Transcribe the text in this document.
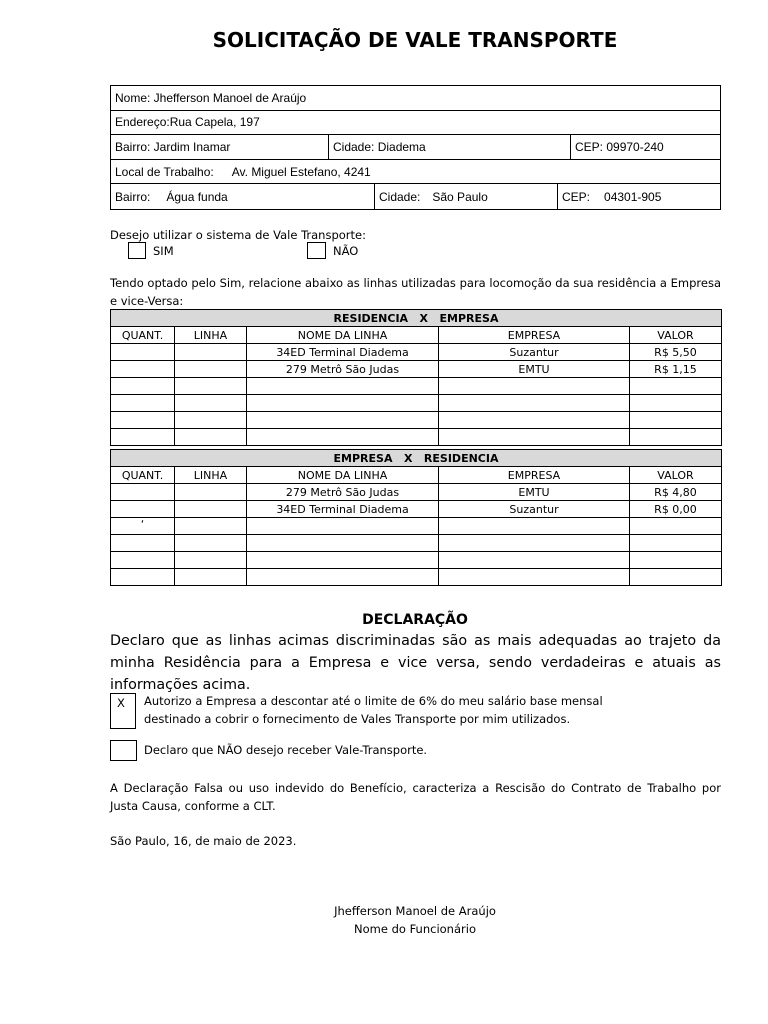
SOLICITAÇÃO DE VALE TRANSPORTE
Nome: Jhefferson Manoel de Araújo
Endereço:Rua Capela, 197
Bairro: Jardim Inamar	Cidade: Diadema	CEP: 09970-240
Local de Trabalho: Av. Miguel Estefano, 4241
Bairro: Água funda	Cidade: São Paulo	CEP: 04301-905
Desejo utilizar o sistema de Vale Transporte:
SIM	NÃO
Tendo optado pelo Sim, relacione abaixo as linhas utilizadas para locomoção da sua residência a Empresa e vice-Versa:
RESIDENCIA   X   EMPRESA				
QUANT.	LINHA	NOME DA LINHA	EMPRESA	VALOR
		34ED Terminal Diadema	Suzantur	R$ 5,50
		279 Metrô São Judas	EMTU	R$ 1,15

EMPRESA   X   RESIDENCIA				
QUANT.	LINHA	NOME DA LINHA	EMPRESA	VALOR
		279 Metrô São Judas	EMTU	R$ 4,80
		34ED Terminal Diadema	Suzantur	R$ 0,00
‘				

DECLARAÇÃO
Declaro que as linhas acimas discriminadas são as mais adequadas ao trajeto da minha Residência para a Empresa e vice versa, sendo verdadeiras e atuais as informações acima.
X Autorizo a Empresa a descontar até o limite de 6% do meu salário base mensal
destinado a cobrir o fornecimento de Vales Transporte por mim utilizados.
Declaro que NÃO desejo receber Vale-Transporte.
A Declaração Falsa ou uso indevido do Benefício, caracteriza a Rescisão do Contrato de Trabalho por Justa Causa, conforme a CLT.
São Paulo, 16, de maio de 2023.
Jhefferson Manoel de Araújo
Nome do Funcionário
